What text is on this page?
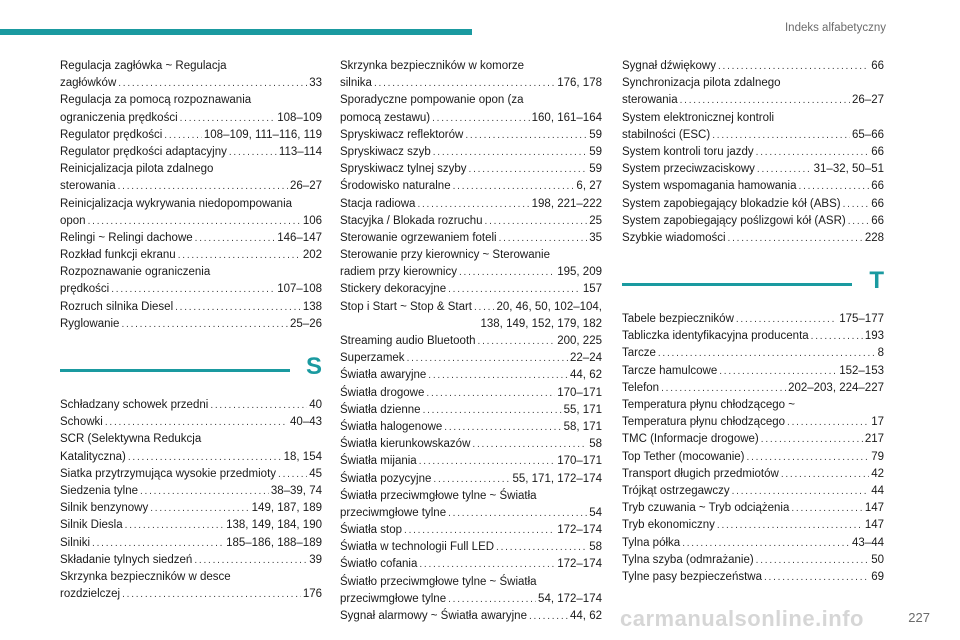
Indeks alfabetyczny
Regulacja zagłówka ~ Regulacja
zagłówków . . .	33
Regulacja za pomocą rozpoznawania
ograniczenia prędkości . . .	108–109
Regulator prędkości . . .	108–109, 111–116, 119
Regulator prędkości adaptacyjny . . .	113–114
Reinicjalizacja pilota zdalnego
sterowania . . .	26–27
Reinicjalizacja wykrywania niedopompowania
opon . . .	106
Relingi ~ Relingi dachowe . . .	146–147
Rozkład funkcji ekranu . . .	202
Rozpoznawanie ograniczenia
prędkości . . .	107–108
Rozruch silnika Diesel . . .	138
Ryglowanie . . .	25–26
S
Schładzany schowek przedni . . .	40
Schowki . . .	40–43
SCR (Selektywna Redukcja
Katalityczna) . . .	18, 154
Siatka przytrzymująca wysokie przedmioty . . .	45
Siedzenia tylne . . .	38–39, 74
Silnik benzynowy . . .	149, 187, 189
Silnik Diesla . . .	138, 149, 184, 190
Silniki . . .	185–186, 188–189
Składanie tylnych siedzeń . . .	39
Skrzynka bezpieczników w desce
rozdzielczej . . .	176
Skrzynka bezpieczników w komorze
silnika . . .	176, 178
Sporadyczne pompowanie opon (za
pomocą zestawu) . . .	160, 161–164
Spryskiwacz reflektorów . . .	59
Spryskiwacz szyb . . .	59
Spryskiwacz tylnej szyby . . .	59
Środowisko naturalne . . .	6, 27
Stacja radiowa . . .	198, 221–222
Stacyjka / Blokada rozruchu . . .	25
Sterowanie ogrzewaniem foteli . . .	35
Sterowanie przy kierownicy ~ Sterowanie
radiem przy kierownicy . . .	195, 209
Stickery dekoracyjne . . .	157
Stop i Start ~ Stop & Start . . . 20, 46, 50, 102–104,
138, 149, 152, 179, 182
Streaming audio Bluetooth . . .	200, 225
Superzamek . . .	22–24
Światła awaryjne . . .	44, 62
Światła drogowe . . .	170–171
Światła dzienne . . .	55, 171
Światła halogenowe . . .	58, 171
Światła kierunkowskazów . . .	58
Światła mijania . . .	170–171
Światła pozycyjne . . .	55, 171, 172–174
Światła przeciwmgłowe tylne ~ Światła
przeciwmgłowe tylne . . .	54
Światła stop . . .	172–174
Światła w technologii Full LED . . .	58
Światło cofania . . .	172–174
Światło przeciwmgłowe tylne ~ Światła
przeciwmgłowe tylne . . .	54, 172–174
Sygnał alarmowy ~ Światła awaryjne . . .	44, 62
Sygnał dźwiękowy . . .	66
Synchronizacja pilota zdalnego
sterowania . . .	26–27
System elektronicznej kontroli
stabilności (ESC) . . .	65–66
System kontroli toru jazdy . . .	66
System przeciwzaciskowy . . .	31–32, 50–51
System wspomagania hamowania . . .	66
System zapobiegający blokadzie kół (ABS) . . .	66
System zapobiegający poślizgowi kół (ASR) . . . 66
Szybkie wiadomości . . .	228
T
Tabele bezpieczników . . .	175–177
Tabliczka identyfikacyjna producenta . . .	193
Tarcze . . .	8
Tarcze hamulcowe . . .	152–153
Telefon . . .	202–203, 224–227
Temperatura płynu chłodzącego ~
Temperatura płynu chłodzącego . . .	17
TMC (Informacje drogowe) . . .	217
Top Tether (mocowanie) . . .	79
Transport długich przedmiotów . . .	42
Trójkąt ostrzegawczy . . .	44
Tryb czuwania ~ Tryb odciążenia . . .	147
Tryb ekonomiczny . . .	147
Tylna półka . . .	43–44
Tylna szyba (odmrażanie) . . .	50
Tylne pasy bezpieczeństwa . . .	69
carmanualsonline.info	227
